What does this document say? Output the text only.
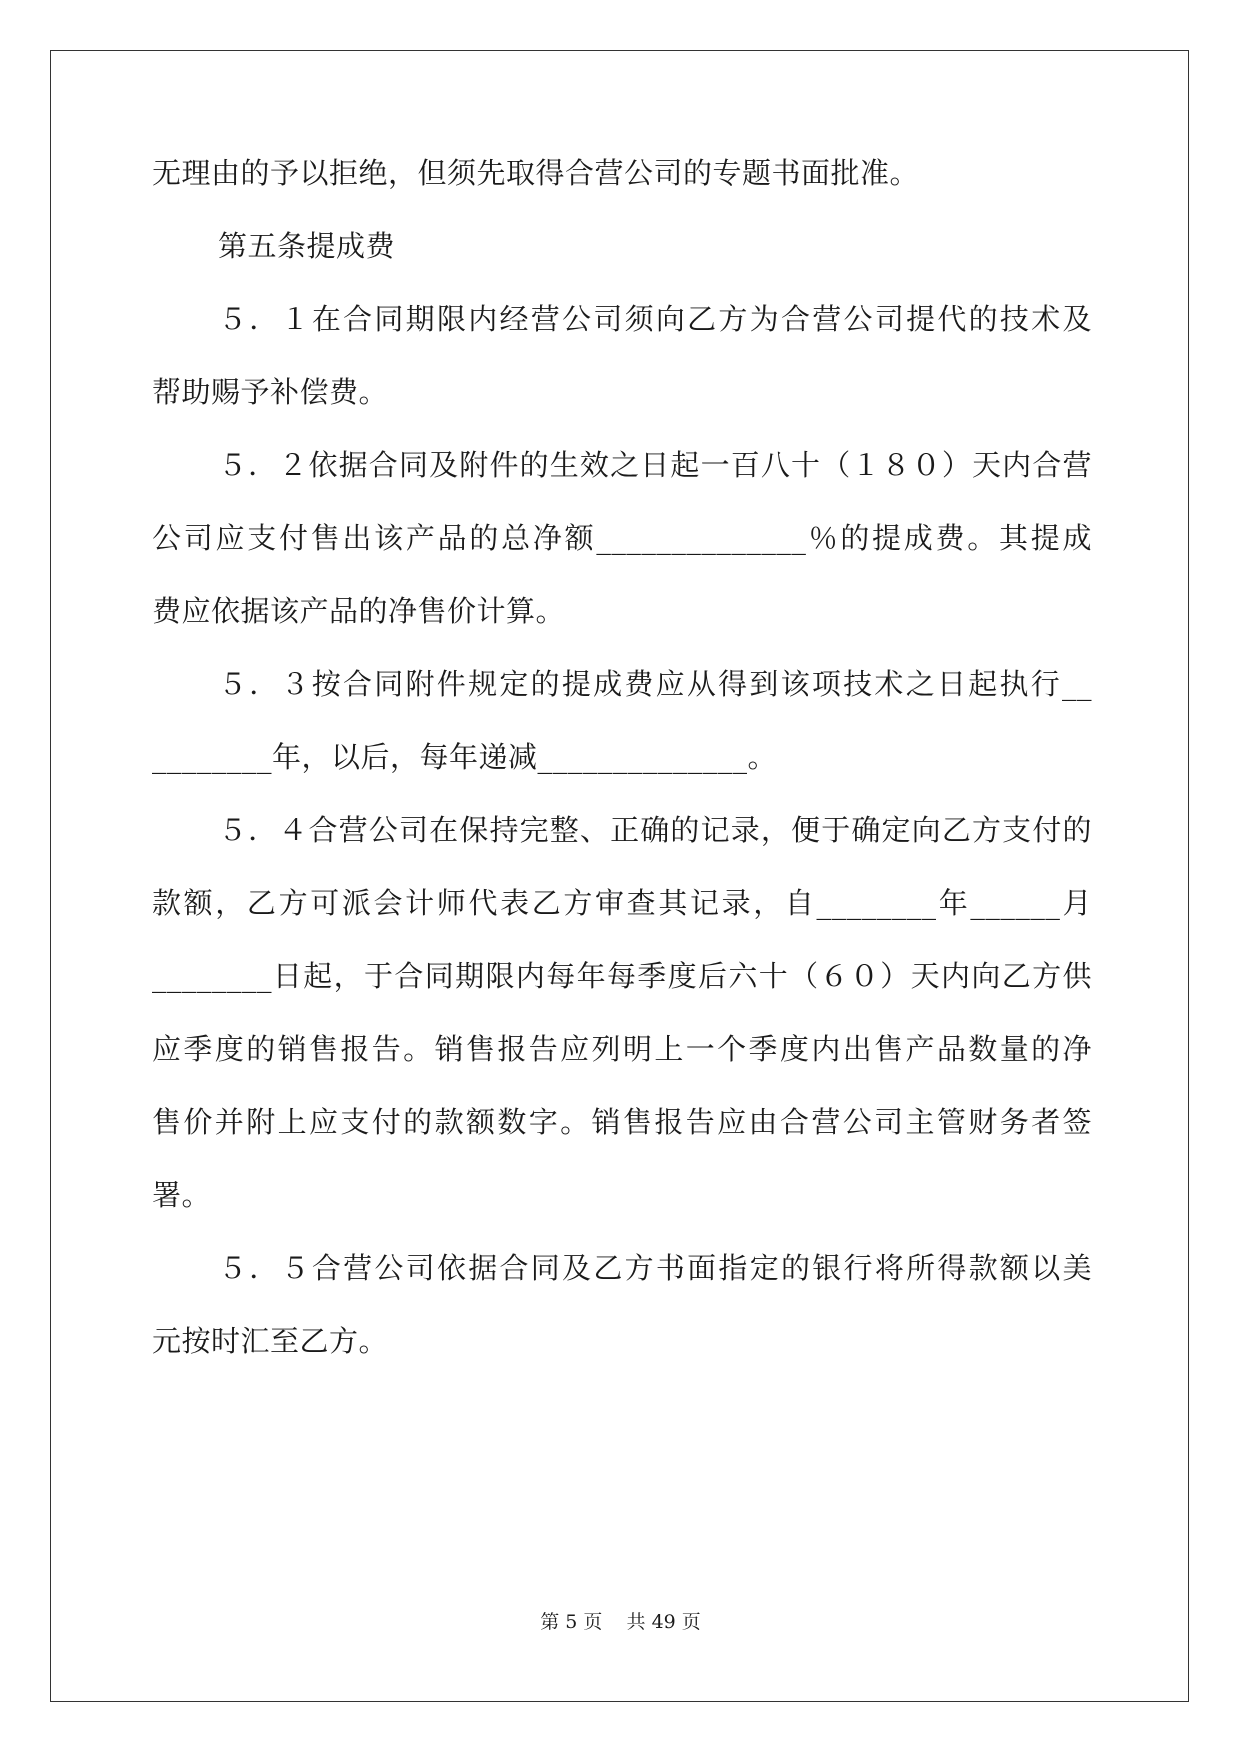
无理由的予以拒绝，但须先取得合营公司的专题书面批准。
第五条提成费
５．１在合同期限内经营公司须向乙方为合营公司提代的技术及
帮助赐予补偿费。
５．２依据合同及附件的生效之日起一百八十（１８０）天内合营
公司应支付售出该产品的总净额______________％的提成费。其提成
费应依据该产品的净售价计算。
５．３按合同附件规定的提成费应从得到该项技术之日起执行__
________年，以后，每年递减______________。
５．４合营公司在保持完整、正确的记录，便于确定向乙方支付的
款额，乙方可派会计师代表乙方审查其记录，自________年______月
________日起，于合同期限内每年每季度后六十（６０）天内向乙方供
应季度的销售报告。销售报告应列明上一个季度内出售产品数量的净
售价并附上应支付的款额数字。销售报告应由合营公司主管财务者签
署。
５．５合营公司依据合同及乙方书面指定的银行将所得款额以美
元按时汇至乙方。
第 5 页    共 49 页
